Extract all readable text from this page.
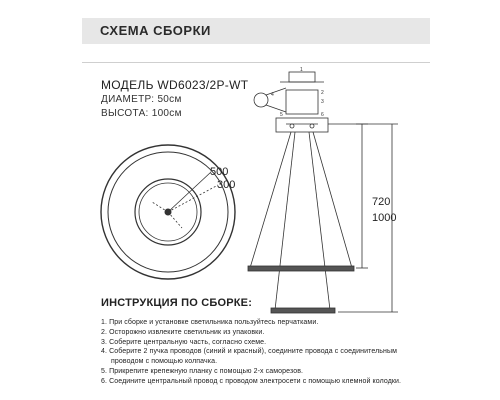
СХЕМА СБОРКИ
МОДЕЛЬ WD6023/2P-WT
ДИАМЕТР: 50см
ВЫСОТА: 100см
1
2
3
4
5	6
500
300
720
1000
ИНСТРУКЦИЯ ПО СБОРКЕ:
1. При сборке и установке светильника пользуйтесь перчатками.
2. Осторожно извлеките светильник из упаковки.
3. Соберите центральную часть, согласно схеме.
4. Соберите 2 пучка проводов (синий и красный), соедините провода с соединительным
проводом с помощью колпачка.
5. Прикрепите крепежную планку с помощью 2-х саморезов.
6. Соедините центральный провод с проводом электросети с помощью клемной колодки.
